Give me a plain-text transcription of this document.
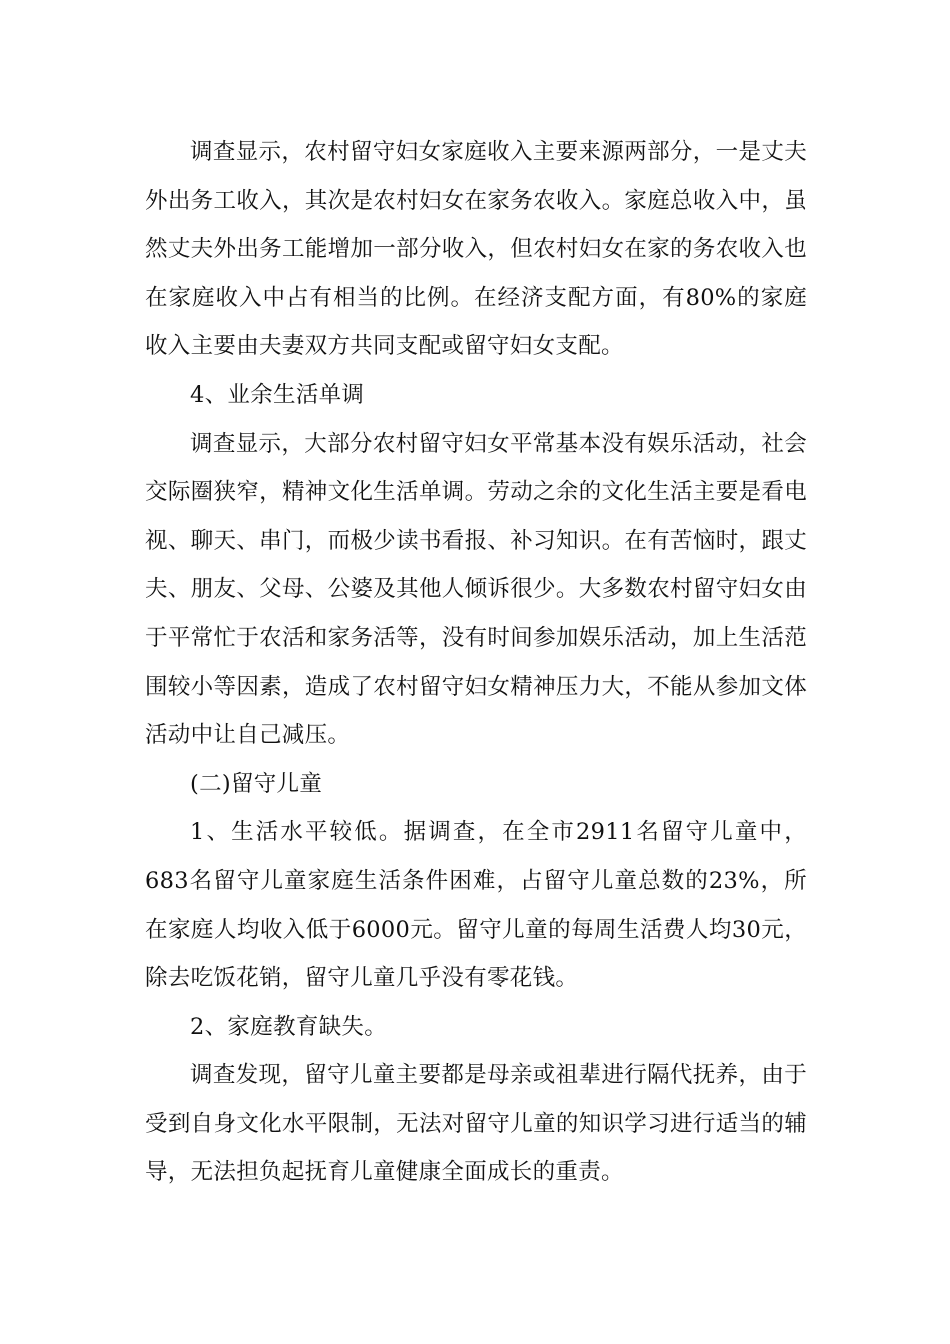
调查显示，农村留守妇女家庭收入主要来源两部分，一是丈夫外出务工收入，其次是农村妇女在家务农收入。家庭总收入中，虽然丈夫外出务工能增加一部分收入，但农村妇女在家的务农收入也在家庭收入中占有相当的比例。在经济支配方面，有80%的家庭收入主要由夫妻双方共同支配或留守妇女支配。

4、业余生活单调

调查显示，大部分农村留守妇女平常基本没有娱乐活动，社会交际圈狭窄，精神文化生活单调。劳动之余的文化生活主要是看电视、聊天、串门，而极少读书看报、补习知识。在有苦恼时，跟丈夫、朋友、父母、公婆及其他人倾诉很少。大多数农村留守妇女由于平常忙于农活和家务活等，没有时间参加娱乐活动，加上生活范围较小等因素，造成了农村留守妇女精神压力大，不能从参加文体活动中让自己减压。

(二)留守儿童

1、生活水平较低。据调查，在全市2911名留守儿童中，683名留守儿童家庭生活条件困难，占留守儿童总数的23%，所在家庭人均收入低于6000元。留守儿童的每周生活费人均30元，除去吃饭花销，留守儿童几乎没有零花钱。

2、家庭教育缺失。

调查发现，留守儿童主要都是母亲或祖辈进行隔代抚养，由于受到自身文化水平限制，无法对留守儿童的知识学习进行适当的辅导，无法担负起抚育儿童健康全面成长的重责。
